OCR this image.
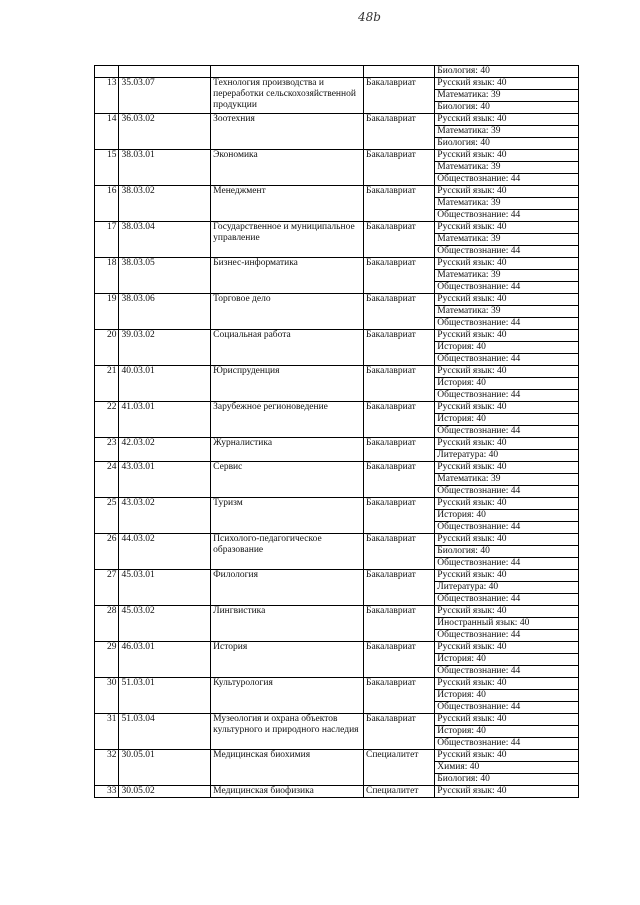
48b
				Биология: 40
13	35.03.07	Технология производства и переработки сельскохозяйственной продукции	Бакалавриат	Русский язык: 40
				Математика: 39
				Биология: 40
14	36.03.02	Зоотехния	Бакалавриат	Русский язык: 40
				Математика: 39
				Биология: 40
15	38.03.01	Экономика	Бакалавриат	Русский язык: 40
				Математика: 39
				Обществознание: 44
16	38.03.02	Менеджмент	Бакалавриат	Русский язык: 40
				Математика: 39
				Обществознание: 44
17	38.03.04	Государственное и муниципальное управление	Бакалавриат	Русский язык: 40
				Математика: 39
				Обществознание: 44
18	38.03.05	Бизнес-информатика	Бакалавриат	Русский язык: 40
				Математика: 39
				Обществознание: 44
19	38.03.06	Торговое дело	Бакалавриат	Русский язык: 40
				Математика: 39
				Обществознание: 44
20	39.03.02	Социальная работа	Бакалавриат	Русский язык: 40
				История: 40
				Обществознание: 44
21	40.03.01	Юриспруденция	Бакалавриат	Русский язык: 40
				История: 40
				Обществознание: 44
22	41.03.01	Зарубежное регионоведение	Бакалавриат	Русский язык: 40
				История: 40
				Обществознание: 44
23	42.03.02	Журналистика	Бакалавриат	Русский язык: 40
				Литература: 40
24	43.03.01	Сервис	Бакалавриат	Русский язык: 40
				Математика: 39
				Обществознание: 44
25	43.03.02	Туризм	Бакалавриат	Русский язык: 40
				История: 40
				Обществознание: 44
26	44.03.02	Психолого-педагогическое образование	Бакалавриат	Русский язык: 40
				Биология: 40
				Обществознание: 44
27	45.03.01	Филология	Бакалавриат	Русский язык: 40
				Литература: 40
				Обществознание: 44
28	45.03.02	Лингвистика	Бакалавриат	Русский язык: 40
				Иностранный язык: 40
				Обществознание: 44
29	46.03.01	История	Бакалавриат	Русский язык: 40
				История: 40
				Обществознание: 44
30	51.03.01	Культурология	Бакалавриат	Русский язык: 40
				История: 40
				Обществознание: 44
31	51.03.04	Музеология и охрана объектов культурного и природного наследия	Бакалавриат	Русский язык: 40
				История: 40
				Обществознание: 44
32	30.05.01	Медицинская биохимия	Специалитет	Русский язык: 40
				Химия: 40
				Биология: 40
33	30.05.02	Медицинская биофизика	Специалитет	Русский язык: 40
